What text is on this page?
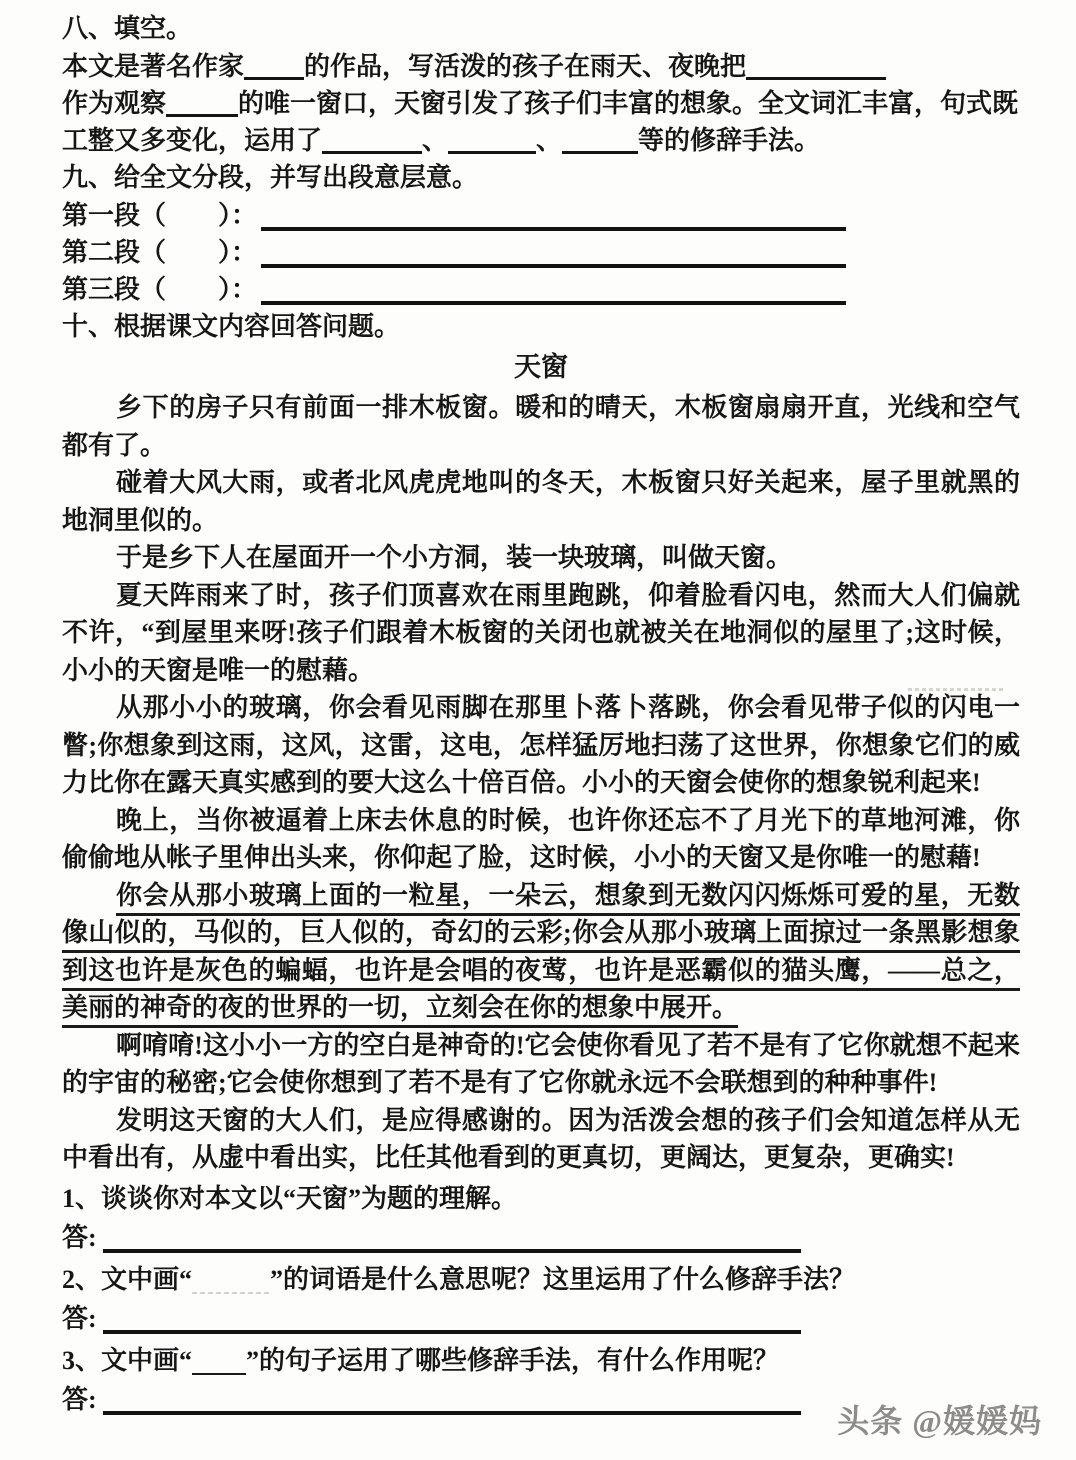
八、填空。
本文是著名作家 的作品，写活泼的孩子在雨天、夜晚把
作为观察	的唯一窗口，天窗引发了孩子们丰富的想象。全文词汇丰富，句式既
工整又多变化，运用了	、	、	等的修辞手法。
九、给全文分段，并写出段意层意。
第一段（　　）：
第二段（　　）：
第三段（　　）：
十、根据课文内容回答问题。
天窗

乡下的房子只有前面一排木板窗。暖和的晴天，木板窗扇扇开直，光线和空气都有了。

碰着大风大雨，或者北风虎虎地叫的冬天，木板窗只好关起来，屋子里就黑的地洞里似的。

于是乡下人在屋面开一个小方洞，装一块玻璃，叫做天窗。

夏天阵雨来了时，孩子们顶喜欢在雨里跑跳，仰着脸看闪电，然而大人们偏就不许，“到屋里来呀!孩子们跟着木板窗的关闭也就被关在地洞似的屋里了;这时候，小小的天窗是唯一的慰藉。

从那小小的玻璃，你会看见雨脚在那里卜落卜落跳，你会看见带子似的闪电一瞥;你想象到这雨，这风，这雷，这电，怎样猛厉地扫荡了这世界，你想象它们的威力比你在露天真实感到的要大这么十倍百倍。小小的天窗会使你的想象锐利起来!

晚上，当你被逼着上床去休息的时候，也许你还忘不了月光下的草地河滩，你偷偷地从帐子里伸出头来，你仰起了脸，这时候，小小的天窗又是你唯一的慰藉!

你会从那小玻璃上面的一粒星，一朵云，想象到无数闪闪烁烁可爱的星，无数像山似的，马似的，巨人似的，奇幻的云彩;你会从那小玻璃上面掠过一条黑影想象到这也许是灰色的蝙蝠，也许是会唱的夜莺，也许是恶霸似的猫头鹰，——总之，美丽的神奇的夜的世界的一切，立刻会在你的想象中展开。

啊唷唷!这小小一方的空白是神奇的!它会使你看见了若不是有了它你就想不起来的宇宙的秘密;它会使你想到了若不是有了它你就永远不会联想到的种种事件!

发明这天窗的大人们，是应得感谢的。因为活泼会想的孩子们会知道怎样从无中看出有，从虚中看出实，比任其他看到的更真切，更阔达，更复杂，更确实!

1、谈谈你对本文以“天窗”为题的理解。
答:
2、文中画“	”的词语是什么意思呢？这里运用了什么修辞手法？
答:
3、文中画“ ”的句子运用了哪些修辞手法，有什么作用呢？
答:
头条 @媛媛妈
